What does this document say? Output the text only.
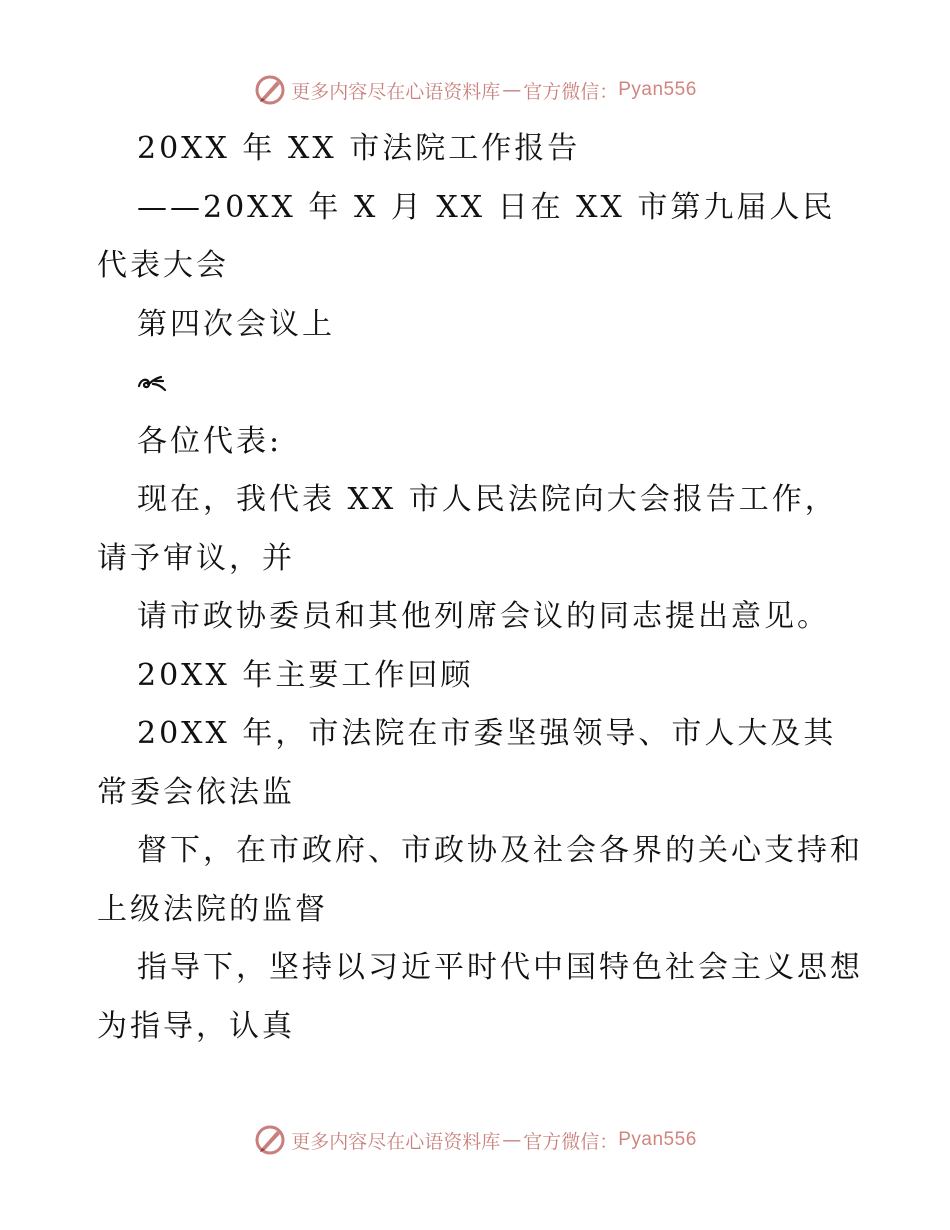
更多内容尽在心语资料库 — 官方微信： Pyan556

20XX 年 XX 市法院工作报告

——20XX 年 X 月 XX 日在 XX 市第九届人民代表大会

第四次会议上

各位代表:

现在，我代表 XX 市人民法院向大会报告工作，请予审议，并

请市政协委员和其他列席会议的同志提出意见。

20XX 年主要工作回顾

20XX 年，市法院在市委坚强领导、市人大及其常委会依法监

督下，在市政府、市政协及社会各界的关心支持和上级法院的监督

指导下，坚持以习近平时代中国特色社会主义思想为指导，认真

更多内容尽在心语资料库 — 官方微信： Pyan556
